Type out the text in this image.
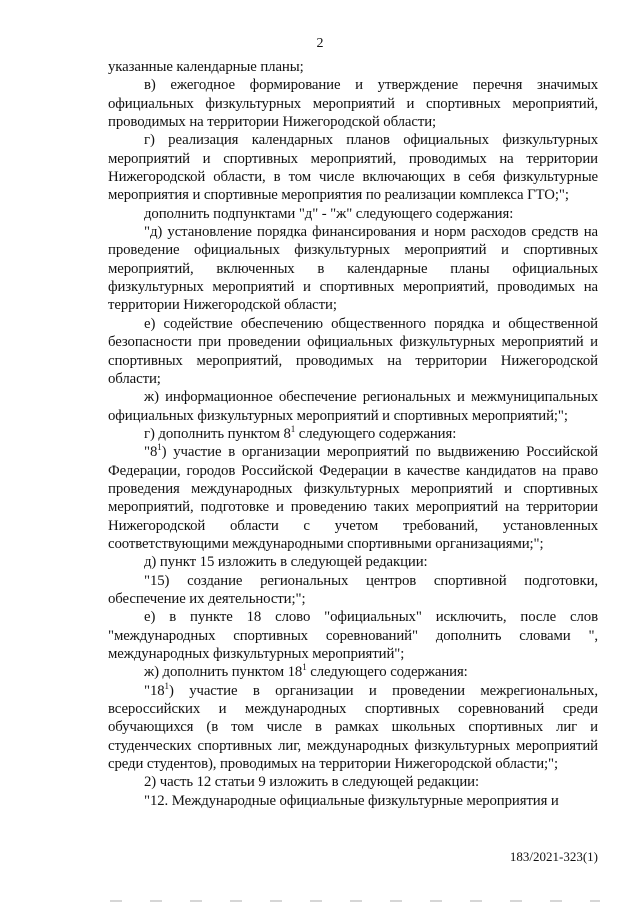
2

указанные календарные планы;

в) ежегодное формирование и утверждение перечня значимых официальных физкультурных мероприятий и спортивных мероприятий, проводимых на территории Нижегородской области;

г) реализация календарных планов официальных физкультурных мероприятий и спортивных мероприятий, проводимых на территории Нижегородской области, в том числе включающих в себя физкультурные мероприятия и спортивные мероприятия по реализации комплекса ГТО;";

дополнить подпунктами "д" - "ж" следующего содержания:

"д) установление порядка финансирования и норм расходов средств на проведение официальных физкультурных мероприятий и спортивных мероприятий, включенных в календарные планы официальных физкультурных мероприятий и спортивных мероприятий, проводимых на территории Нижегородской области;

е) содействие обеспечению общественного порядка и общественной безопасности при проведении официальных физкультурных мероприятий и спортивных мероприятий, проводимых на территории Нижегородской области;

ж) информационное обеспечение региональных и межмуниципальных официальных физкультурных мероприятий и спортивных мероприятий;";

г) дополнить пунктом $8^1$ следующего содержания:

"$8^1$) участие в организации мероприятий по выдвижению Российской Федерации, городов Российской Федерации в качестве кандидатов на право проведения международных физкультурных мероприятий и спортивных мероприятий, подготовке и проведению таких мероприятий на территории Нижегородской области с учетом требований, установленных соответствующими международными спортивными организациями;";

д) пункт 15 изложить в следующей редакции:

"15) создание региональных центров спортивной подготовки, обеспечение их деятельности;";

е) в пункте 18 слово "официальных" исключить, после слов "международных спортивных соревнований" дополнить словами ", международных физкультурных мероприятий";

ж) дополнить пунктом $18^1$ следующего содержания:

"$18^1$) участие в организации и проведении межрегиональных, всероссийских и международных спортивных соревнований среди обучающихся (в том числе в рамках школьных спортивных лиг и студенческих спортивных лиг, международных физкультурных мероприятий среди студентов), проводимых на территории Нижегородской области;";

2) часть 12 статьи 9 изложить в следующей редакции:

"12. Международные официальные физкультурные мероприятия и

183/2021-323(1)
